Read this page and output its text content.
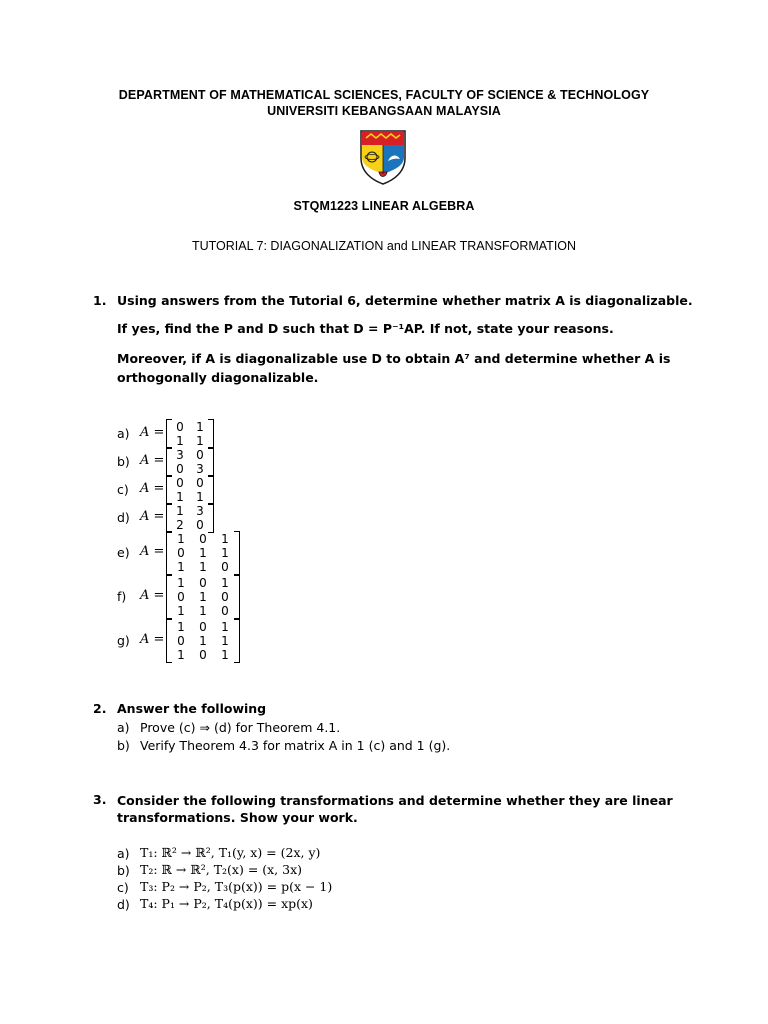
DEPARTMENT OF MATHEMATICAL SCIENCES, FACULTY OF SCIENCE & TECHNOLOGY
UNIVERSITI KEBANGSAAN MALAYSIA
STQM1223 LINEAR ALGEBRA
TUTORIAL 7: DIAGONALIZATION and LINEAR TRANSFORMATION
1. Using answers from the Tutorial 6, determine whether matrix A is diagonalizable.
If yes, find the P and D such that D = P⁻¹AP. If not, state your reasons.
Moreover, if A is diagonalizable use D to obtain A⁷ and determine whether A is orthogonally diagonalizable.
a) A = 0	1
1	1
b) A = 3	0
0	3
c) A = 0	0
1	1
d) A = 1	3
2	0
e) A =
1	0	1
0	1	1
1	1	0
f) A =
1	0	1
0	1	0
1	1	0
g) A =
1	0	1
0	1	1
1	0	1
2. Answer the following
a) Prove (c) ⇒ (d) for Theorem 4.1.
b) Verify Theorem 4.3 for matrix A in 1 (c) and 1 (g).
3. Consider the following transformations and determine whether they are linear transformations. Show your work.
a) T₁: ℝ² → ℝ², T₁(y, x) = (2x, y)
b) T₂: ℝ → ℝ², T₂(x) = (x, 3x)
c) T₃: P₂ → P₂, T₃(p(x)) = p(x − 1)
d) T₄: P₁ → P₂, T₄(p(x)) = xp(x)
